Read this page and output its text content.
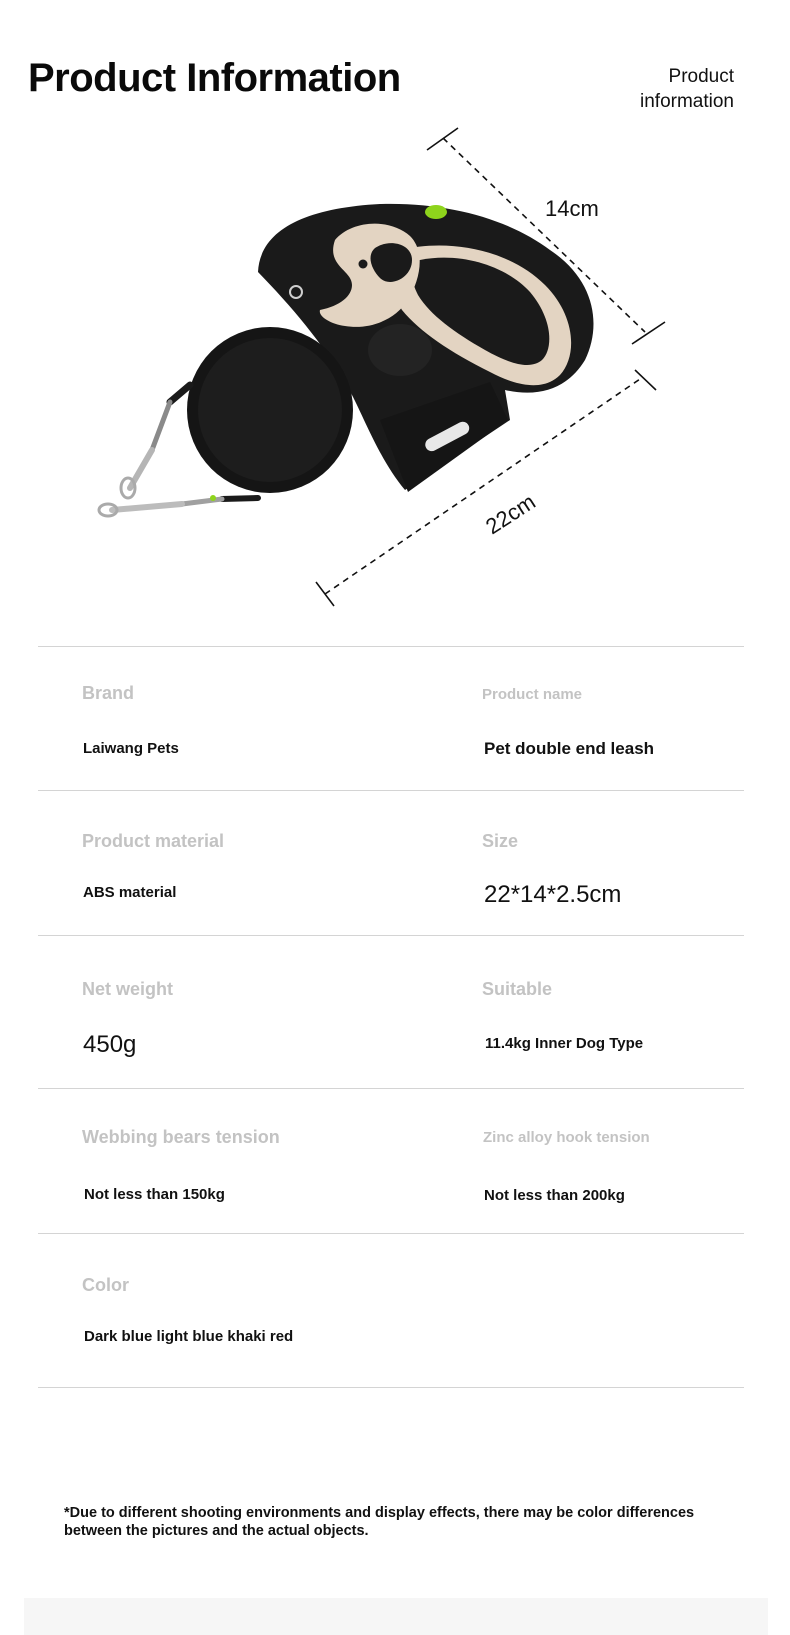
Product Information	Product information
14cm
22cm
Brand
Laiwang Pets
Product name
Pet double end leash
Product material
ABS material
Size
22*14*2.5cm
Net weight
450g
Suitable
11.4kg Inner Dog Type
Webbing bears tension
Not less than 150kg
Zinc alloy hook tension
Not less than 200kg
Color
Dark blue light blue khaki red
*Due to different shooting environments and display effects, there may be color differences between the pictures and the actual objects.
